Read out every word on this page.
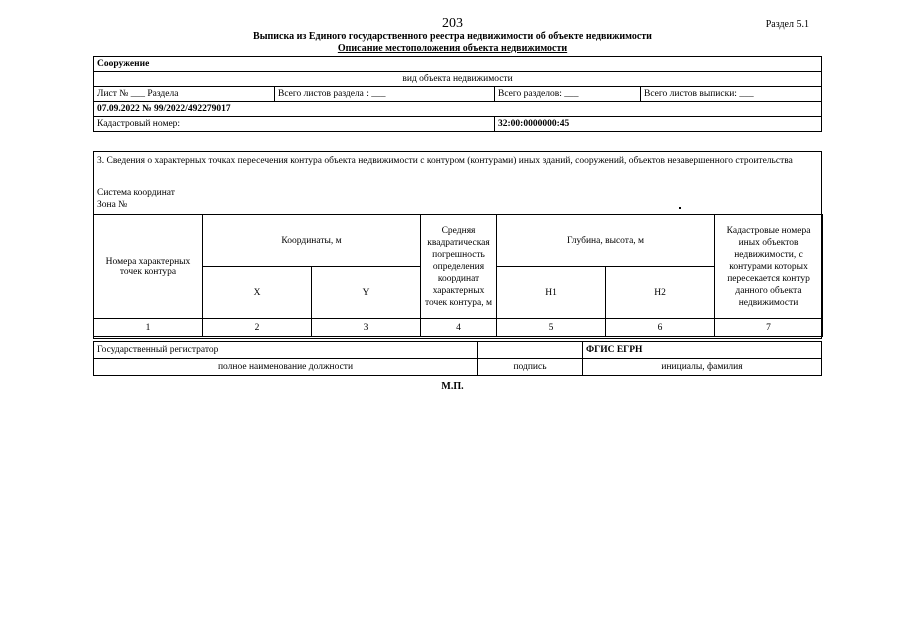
203	Раздел 5.1
Выписка из Единого государственного реестра недвижимости об объекте недвижимости
Описание местоположения объекта недвижимости
Сооружение			
вид объекта недвижимости			
Лист № ___ Раздела	Всего листов раздела : ___	Всего разделов: ___	Всего листов выписки: ___
07.09.2022 № 99/2022/492279017			
Кадастровый номер:		32:00:0000000:45	
3. Сведения о характерных точках пересечения контура объекта недвижимости с контуром (контурами) иных зданий, сооружений, объектов незавершенного строительства
Система координат
Зона №
Номера характерных точек контура	Координаты, м		Средняя квадратическая погрешность определения координат характерных точек контура, м	Глубина, высота, м		Кадастровые номера иных объектов недвижимости, с контурами которых пересекается контур данного объекта недвижимости
	X	Y		H1	H2	
1	2	3	4	5	6	7
Государственный регистратор		ФГИС ЕГРН
полное наименование должности	подпись	инициалы, фамилия
М.П.
